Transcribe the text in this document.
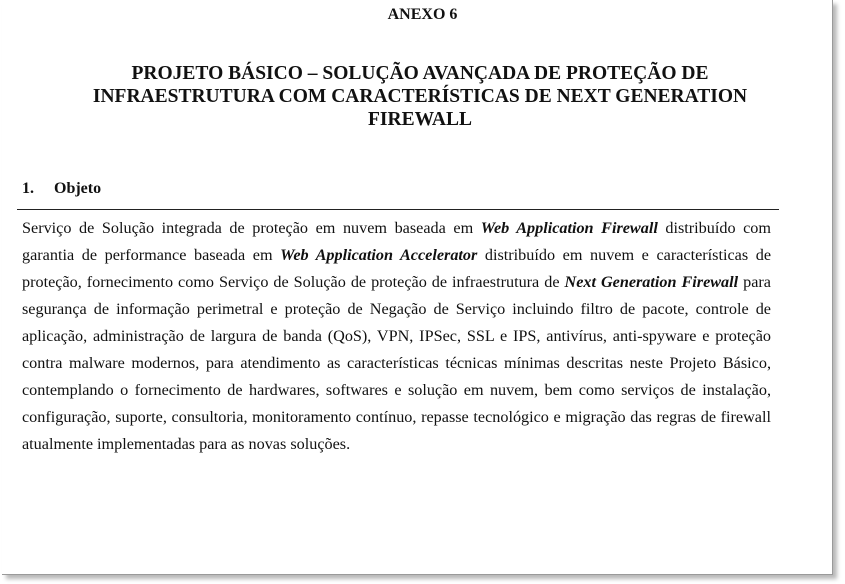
ANEXO 6
PROJETO BÁSICO – SOLUÇÃO AVANÇADA DE PROTEÇÃO DE
INFRAESTRUTURA COM CARACTERÍSTICAS DE NEXT GENERATION
FIREWALL
1. Objeto

Serviço de Solução integrada de proteção em nuvem baseada em Web Application Firewall distribuído com garantia de performance baseada em Web Application Accelerator distribuído em nuvem e características de proteção, fornecimento como Serviço de Solução de proteção de infraestrutura de Next Generation Firewall para segurança de informação perimetral e proteção de Negação de Serviço incluindo filtro de pacote, controle de aplicação, administração de largura de banda (QoS), VPN, IPSec, SSL e IPS, antivírus, anti-spyware e proteção contra malware modernos, para atendimento as características técnicas mínimas descritas neste Projeto Básico, contemplando o fornecimento de hardwares, softwares e solução em nuvem, bem como serviços de instalação, configuração, suporte, consultoria, monitoramento contínuo, repasse tecnológico e migração das regras de firewall atualmente implementadas para as novas soluções.
